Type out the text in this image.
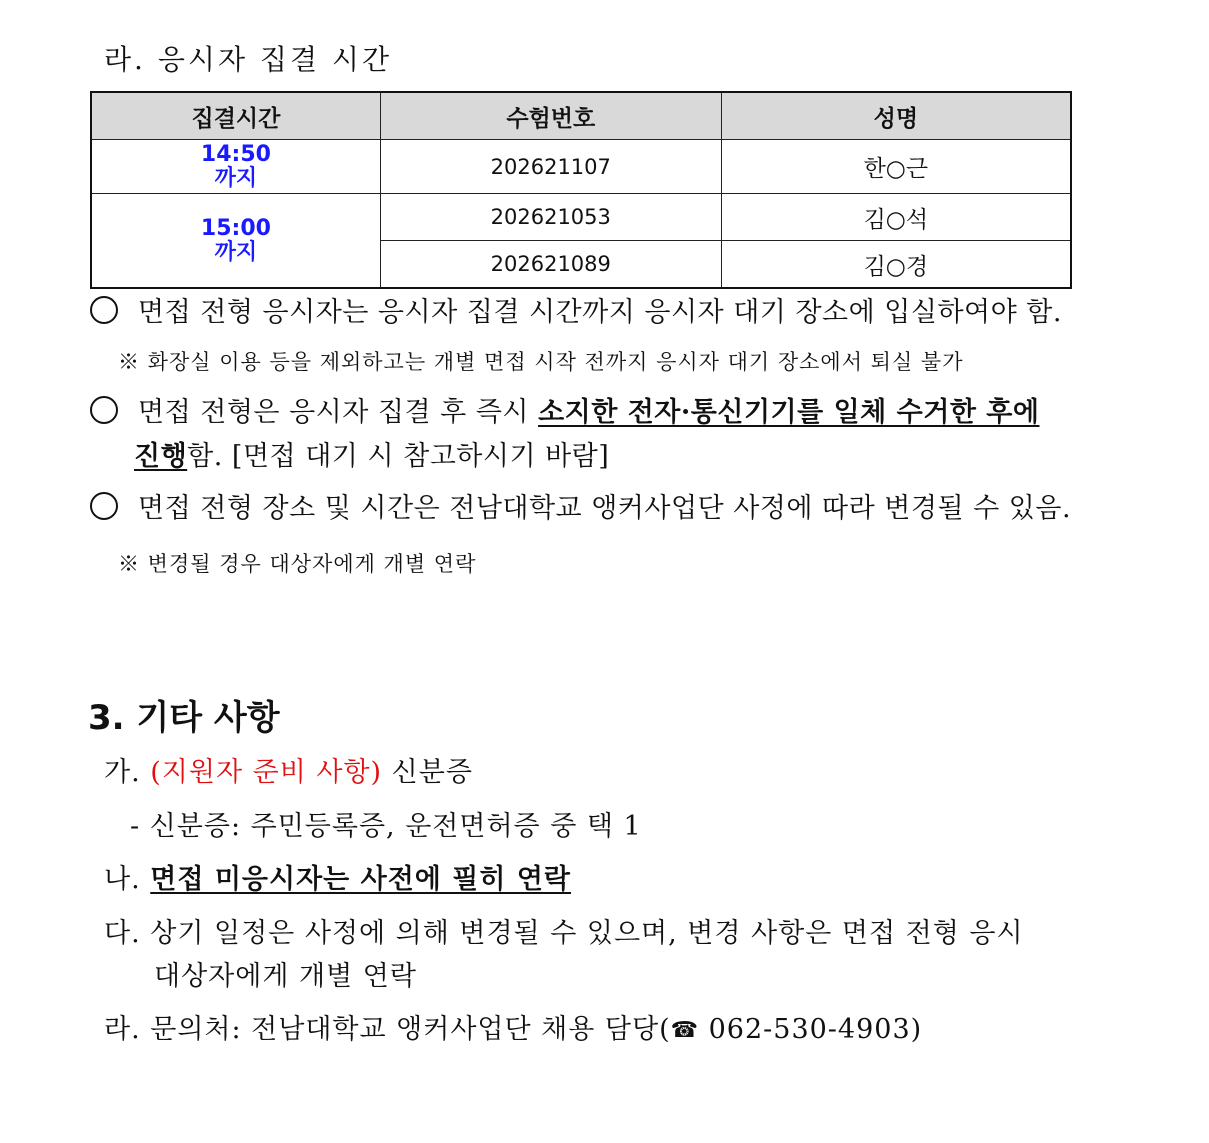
라. 응시자 집결 시간
집결시간	수험번호	성명

14:50
까지	202621107	한○근

15:00
까지	202621053	김○석
	202621089	김○경
면접 전형 응시자는 응시자 집결 시간까지 응시자 대기 장소에 입실하여야 함.
※ 화장실 이용 등을 제외하고는 개별 면접 시작 전까지 응시자 대기 장소에서 퇴실 불가
면접 전형은 응시자 집결 후 즉시 소지한 전자·통신기기를 일체 수거한 후에
진행함. [면접 대기 시 참고하시기 바람]
면접 전형 장소 및 시간은 전남대학교 앵커사업단 사정에 따라 변경될 수 있음.
※ 변경될 경우 대상자에게 개별 연락
3. 기타 사항
가. (지원자 준비 사항) 신분증
- 신분증: 주민등록증, 운전면허증 중 택 1
나. 면접 미응시자는 사전에 필히 연락
다. 상기 일정은 사정에 의해 변경될 수 있으며, 변경 사항은 면접 전형 응시
대상자에게 개별 연락
라. 문의처: 전남대학교 앵커사업단 채용 담당(☎ 062-530-4903)
